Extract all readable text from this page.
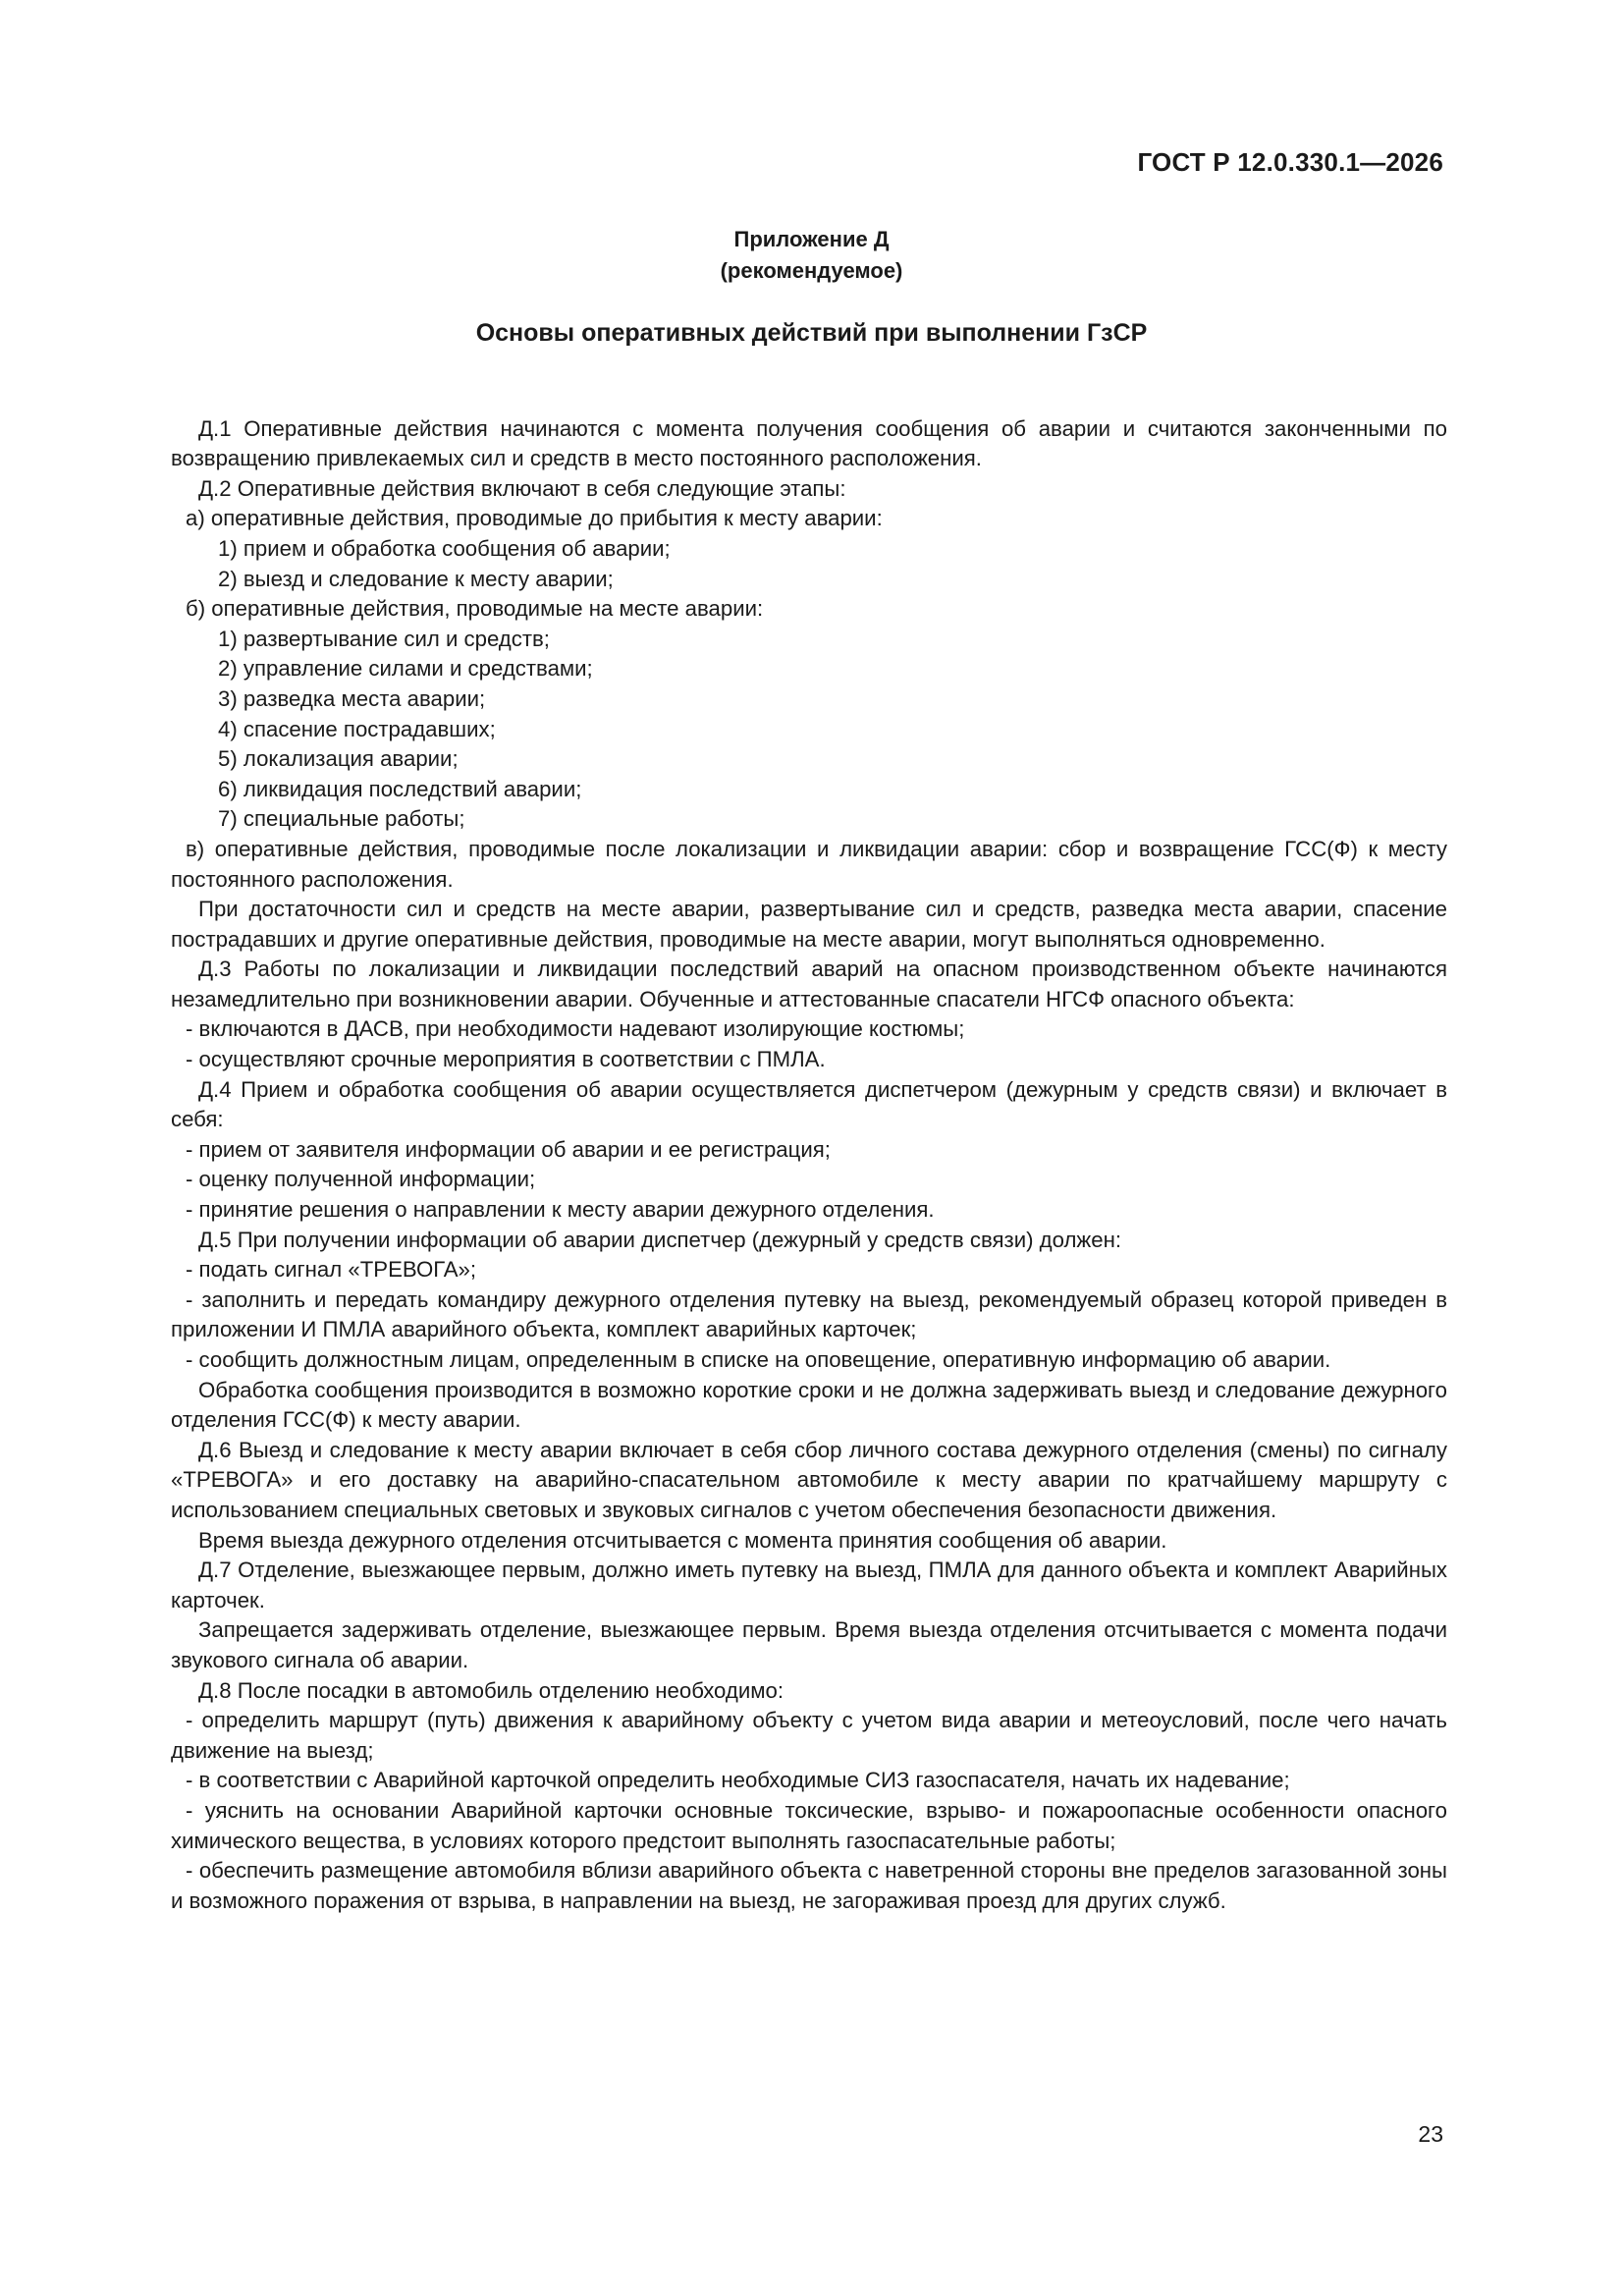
ГОСТ Р 12.0.330.1—2026
Приложение Д
(рекомендуемое)
Основы оперативных действий при выполнении ГзСР

Д.1 Оперативные действия начинаются с момента получения сообщения об аварии и считаются законченными по возвращению привлекаемых сил и средств в место постоянного расположения.

Д.2 Оперативные действия включают в себя следующие этапы:

а) оперативные действия, проводимые до прибытия к месту аварии:

1) прием и обработка сообщения об аварии;

2) выезд и следование к месту аварии;

б) оперативные действия, проводимые на месте аварии:

1) развертывание сил и средств;

2) управление силами и средствами;

3) разведка места аварии;

4) спасение пострадавших;

5) локализация аварии;

6) ликвидация последствий аварии;

7) специальные работы;

в) оперативные действия, проводимые после локализации и ликвидации аварии: сбор и возвращение ГСС(Ф) к месту постоянного расположения.

При достаточности сил и средств на месте аварии, развертывание сил и средств, разведка места аварии, спасение пострадавших и другие оперативные действия, проводимые на месте аварии, могут выполняться одновременно.

Д.3 Работы по локализации и ликвидации последствий аварий на опасном производственном объекте начинаются незамедлительно при возникновении аварии. Обученные и аттестованные спасатели НГСФ опасного объекта:

- включаются в ДАСВ, при необходимости надевают изолирующие костюмы;

- осуществляют срочные мероприятия в соответствии с ПМЛА.

Д.4 Прием и обработка сообщения об аварии осуществляется диспетчером (дежурным у средств связи) и включает в себя:

- прием от заявителя информации об аварии и ее регистрация;

- оценку полученной информации;

- принятие решения о направлении к месту аварии дежурного отделения.

Д.5 При получении информации об аварии диспетчер (дежурный у средств связи) должен:

- подать сигнал «ТРЕВОГА»;

- заполнить и передать командиру дежурного отделения путевку на выезд, рекомендуемый образец которой приведен в приложении И ПМЛА аварийного объекта, комплект аварийных карточек;

- сообщить должностным лицам, определенным в списке на оповещение, оперативную информацию об аварии.

Обработка сообщения производится в возможно короткие сроки и не должна задерживать выезд и следование дежурного отделения ГСС(Ф) к месту аварии.

Д.6 Выезд и следование к месту аварии включает в себя сбор личного состава дежурного отделения (смены) по сигналу «ТРЕВОГА» и его доставку на аварийно-спасательном автомобиле к месту аварии по кратчайшему маршруту с использованием специальных световых и звуковых сигналов с учетом обеспечения безопасности движения.

Время выезда дежурного отделения отсчитывается с момента принятия сообщения об аварии.

Д.7 Отделение, выезжающее первым, должно иметь путевку на выезд, ПМЛА для данного объекта и комплект Аварийных карточек.

Запрещается задерживать отделение, выезжающее первым. Время выезда отделения отсчитывается с момента подачи звукового сигнала об аварии.

Д.8 После посадки в автомобиль отделению необходимо:

- определить маршрут (путь) движения к аварийному объекту с учетом вида аварии и метеоусловий, после чего начать движение на выезд;

- в соответствии с Аварийной карточкой определить необходимые СИЗ газоспасателя, начать их надевание;

- уяснить на основании Аварийной карточки основные токсические, взрыво- и пожароопасные особенности опасного химического вещества, в условиях которого предстоит выполнять газоспасательные работы;

- обеспечить размещение автомобиля вблизи аварийного объекта с наветренной стороны вне пределов загазованной зоны и возможного поражения от взрыва, в направлении на выезд, не загораживая проезд для других служб.

23
